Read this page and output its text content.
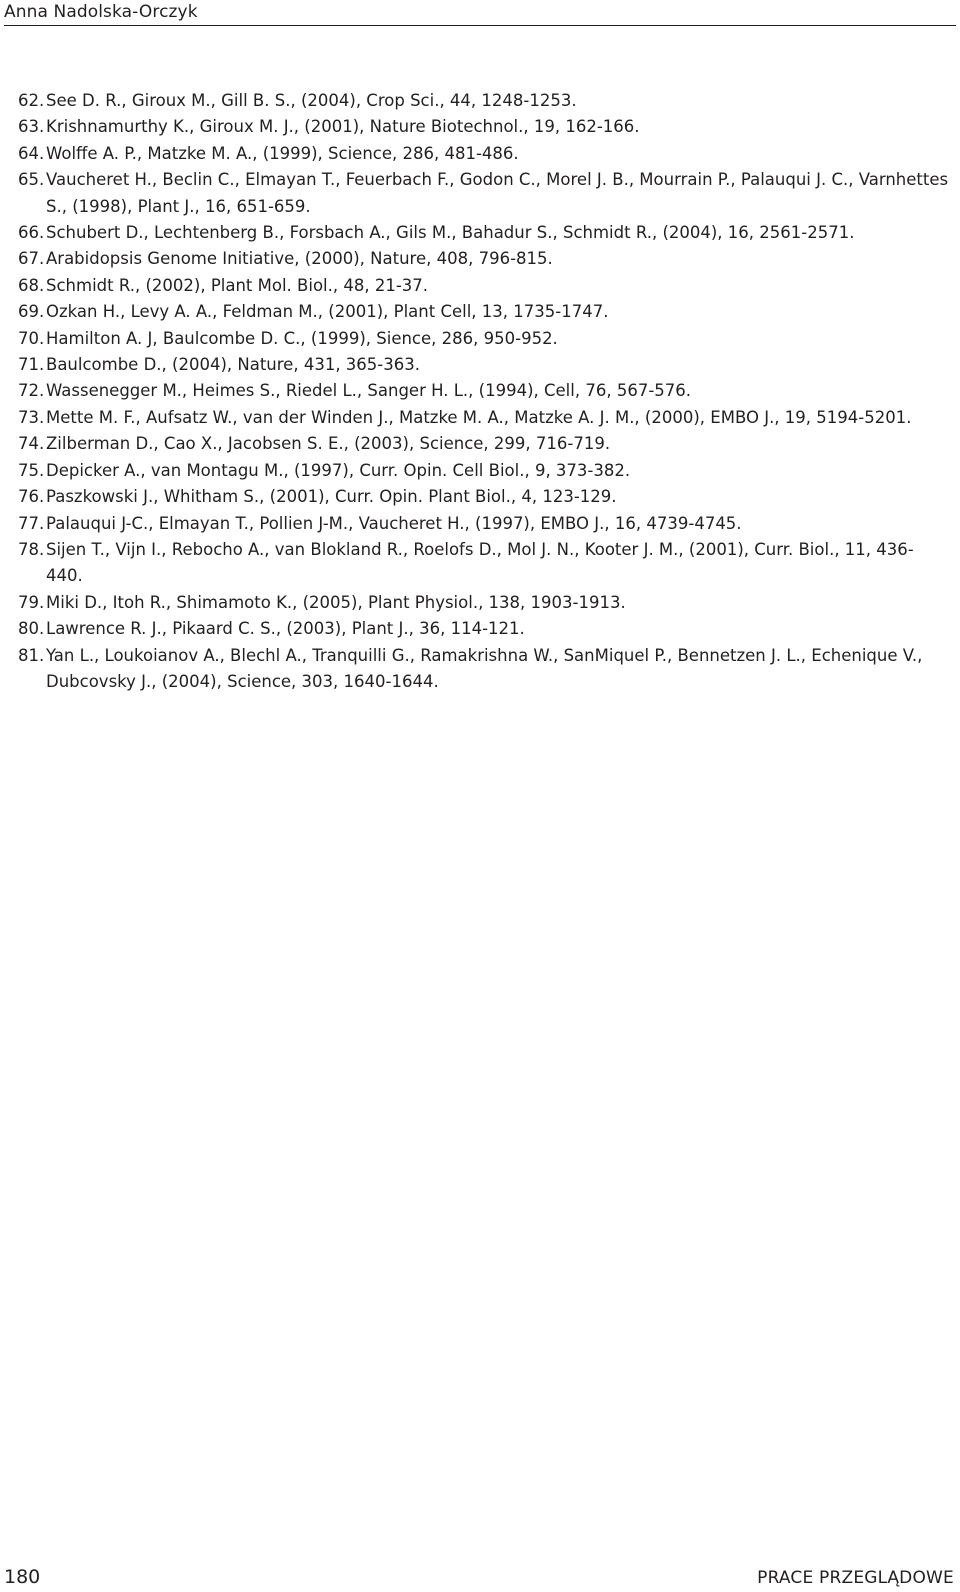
Anna Nadolska-Orczyk
62. See D. R., Giroux M., Gill B. S., (2004), Crop Sci., 44, 1248-1253.
63. Krishnamurthy K., Giroux M. J., (2001), Nature Biotechnol., 19, 162-166.
64. Wolffe A. P., Matzke M. A., (1999), Science, 286, 481-486.
65. Vaucheret H., Beclin C., Elmayan T., Feuerbach F., Godon C., Morel J. B., Mourrain P., Palauqui J. C., Varnhettes S., (1998), Plant J., 16, 651-659.
66. Schubert D., Lechtenberg B., Forsbach A., Gils M., Bahadur S., Schmidt R., (2004), 16, 2561-2571.
67. Arabidopsis Genome Initiative, (2000), Nature, 408, 796-815.
68. Schmidt R., (2002), Plant Mol. Biol., 48, 21-37.
69. Ozkan H., Levy A. A., Feldman M., (2001), Plant Cell, 13, 1735-1747.
70. Hamilton A. J, Baulcombe D. C., (1999), Sience, 286, 950-952.
71. Baulcombe D., (2004), Nature, 431, 365-363.
72. Wassenegger M., Heimes S., Riedel L., Sanger H. L., (1994), Cell, 76, 567-576.
73. Mette M. F., Aufsatz W., van der Winden J., Matzke M. A., Matzke A. J. M., (2000), EMBO J., 19, 5194-5201.
74. Zilberman D., Cao X., Jacobsen S. E., (2003), Science, 299, 716-719.
75. Depicker A., van Montagu M., (1997), Curr. Opin. Cell Biol., 9, 373-382.
76. Paszkowski J., Whitham S., (2001), Curr. Opin. Plant Biol., 4, 123-129.
77. Palauqui J-C., Elmayan T., Pollien J-M., Vaucheret H., (1997), EMBO J., 16, 4739-4745.
78. Sijen T., Vijn I., Rebocho A., van Blokland R., Roelofs D., Mol J. N., Kooter J. M., (2001), Curr. Biol., 11, 436-440.
79. Miki D., Itoh R., Shimamoto K., (2005), Plant Physiol., 138, 1903-1913.
80. Lawrence R. J., Pikaard C. S., (2003), Plant J., 36, 114-121.
81. Yan L., Loukoianov A., Blechl A., Tranquilli G., Ramakrishna W., SanMiquel P., Bennetzen J. L., Echenique V., Dubcovsky J., (2004), Science, 303, 1640-1644.
180	PRACE PRZEGLĄDOWE
